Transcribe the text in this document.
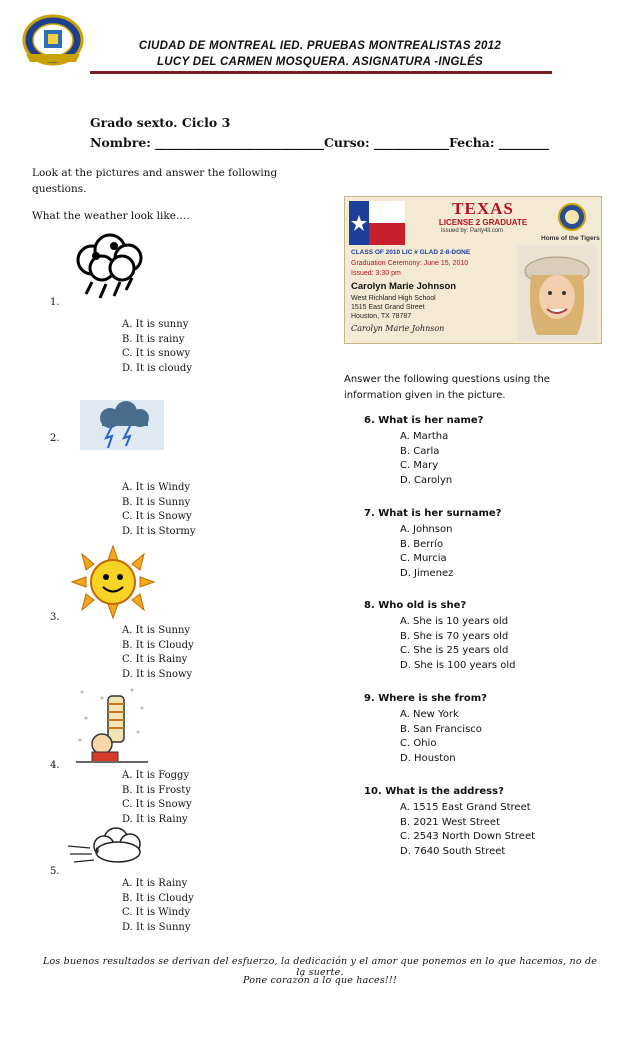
CIUDAD DE MONTREAL IED. PRUEBAS MONTREALISTAS 2012
LUCY DEL CARMEN MOSQUERA. ASIGNATURA -INGLÉS
Grado sexto. Ciclo 3
Nombre: ___________________________Curso: ____________Fecha: ________
Look at the pictures and answer the following
questions.
What the weather look like….
1.
A. It is sunny
B. It is rainy
C. It is snowy
D. It is cloudy
2.
A. It is Windy
B. It is Sunny
C. It is Snowy
D. It is Stormy
3.
A. It is Sunny
B. It is Cloudy
C. It is Rainy
D. It is Snowy
4.
A. It is Foggy
B. It is Frosty
C. It is Snowy
D. It is Rainy
5.
A. It is Rainy
B. It is Cloudy
C. It is Windy
D. It is Sunny
TEXAS
LICENSE 2 GRADUATE
Issued by: Party4ll.com
Home of the Tigers
CLASS OF 2010 LIC # GLAD 2-8-DONE
Graduation Ceremony: June 15, 2010
Issued: 3:30 pm
Carolyn Marie Johnson
West Richland High School
1515 East Grand Street
Houston, TX 78787
Carolyn Marie Johnson
Answer the following questions using the
information given in the picture.
6. What is her name?
A. Martha
B. Carla
C. Mary
D. Carolyn
7. What is her surname?
A. Johnson
B. Berrío
C. Murcia
D. Jimenez
8. Who old is she?
A. She is 10 years old
B. She is 70 years old
C. She is 25 years old
D. She is 100 years old
9. Where is she from?
A. New York
B. San Francisco
C. Ohio
D. Houston
10. What is the address?
A. 1515 East Grand Street
B. 2021 West Street
C. 2543 North Down Street
D. 7640 South Street
Los buenos resultados se derivan del esfuerzo, la dedicación y el amor que ponemos en lo que hacemos, no de la suerte.
Pone corazón a lo que haces!!!
